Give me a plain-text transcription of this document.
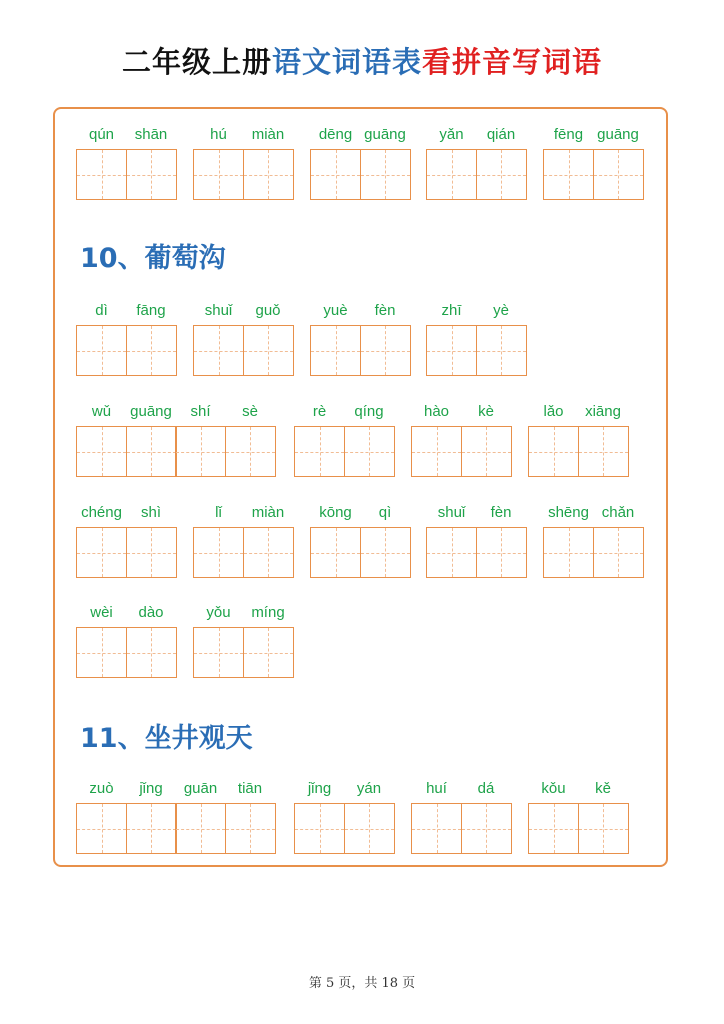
二年级上册语文词语表看拼音写词语
10、葡萄沟
11、坐井观天
qún	shān	hú	miàn	dēng guāng	yǎn	qián	fēng guāng
dì	fāng	shuǐ	guǒ	yuè	fèn	zhī	yè
wǔ	guāng	shí	sè	rè	qíng	hào	kè	lǎo	xiāng
chéng	shì	lǐ	miàn	kōng	qì	shuǐ	fèn	shēng chǎn
wèi	dào	yǒu	míng
zuò	jǐng	guān	tiān	jǐng	yán	huí	dá	kǒu	kě
第 5 页，共 18 页
